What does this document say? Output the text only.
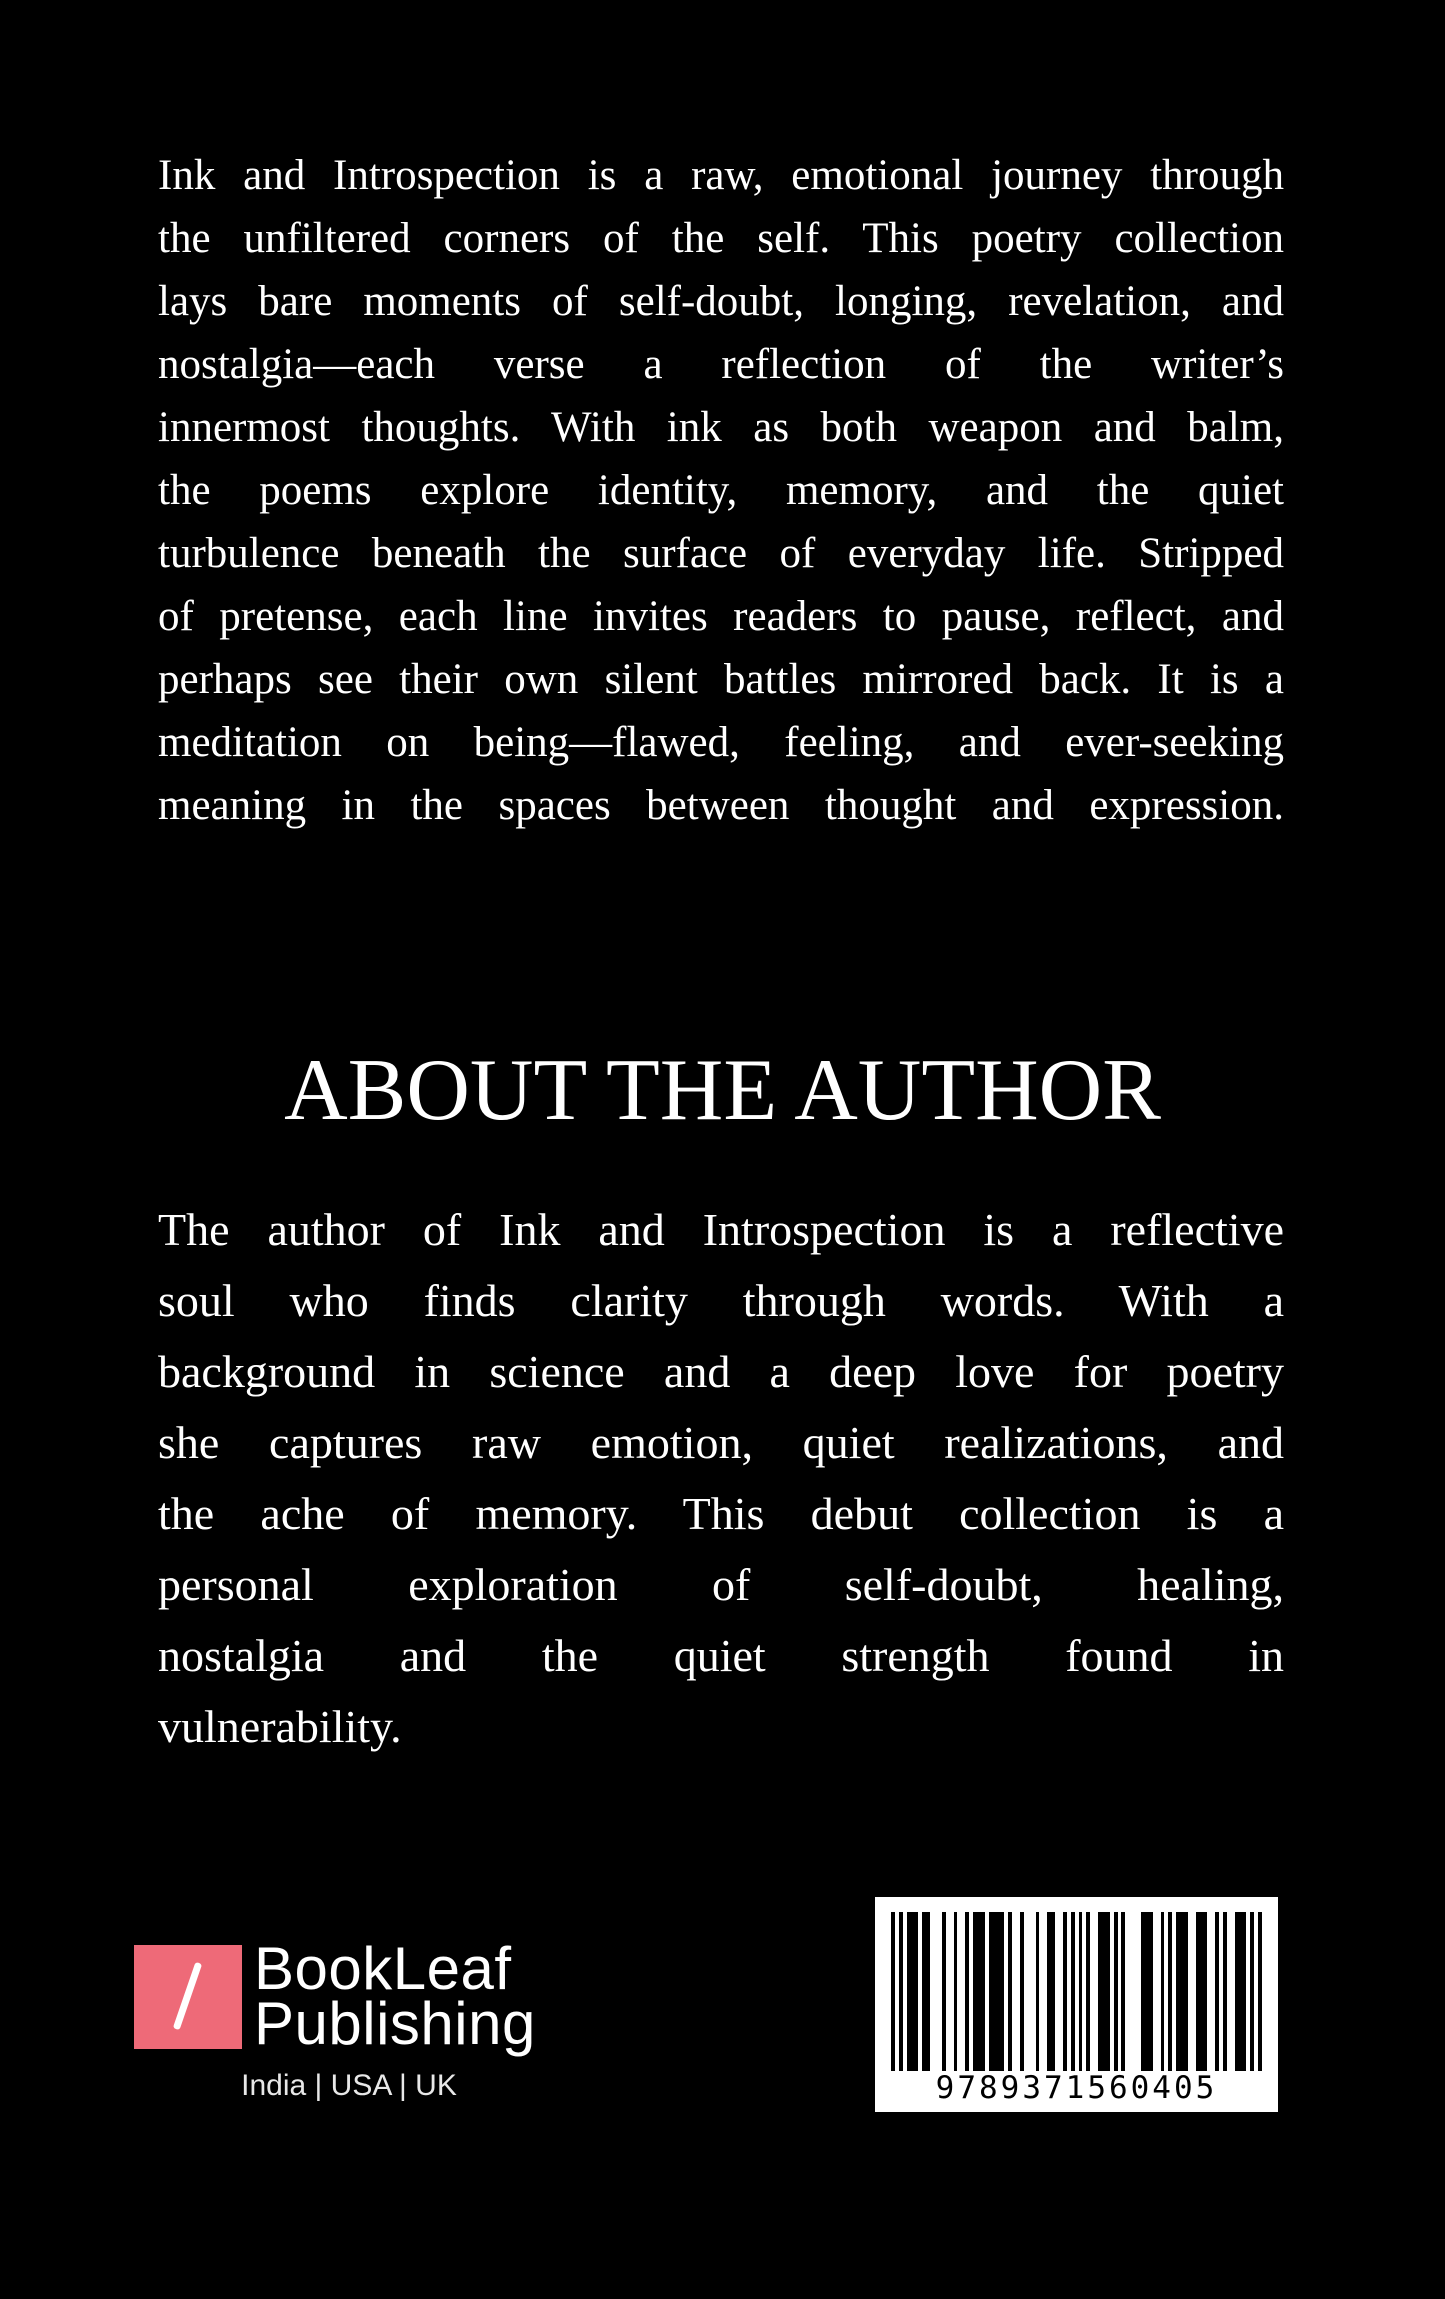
Ink and Introspection is a raw, emotional journey through
the unfiltered corners of the self. This poetry collection
lays bare moments of self-doubt, longing, revelation, and
nostalgia—each verse a reflection of the writer’s
innermost thoughts. With ink as both weapon and balm,
the poems explore identity, memory, and the quiet
turbulence beneath the surface of everyday life. Stripped
of pretense, each line invites readers to pause, reflect, and
perhaps see their own silent battles mirrored back. It is a
meditation on being—flawed, feeling, and ever-seeking
meaning in the spaces between thought and expression.
ABOUT THE AUTHOR
The author of Ink and Introspection is a reflective
soul who finds clarity through words. With a
background in science and a deep love for poetry
she captures raw emotion, quiet realizations, and
the ache of memory. This debut collection is a
personal exploration of self-doubt, healing,
nostalgia and the quiet strength found in
vulnerability.
BookLeaf
Publishing
India | USA | UK	9789371560405
